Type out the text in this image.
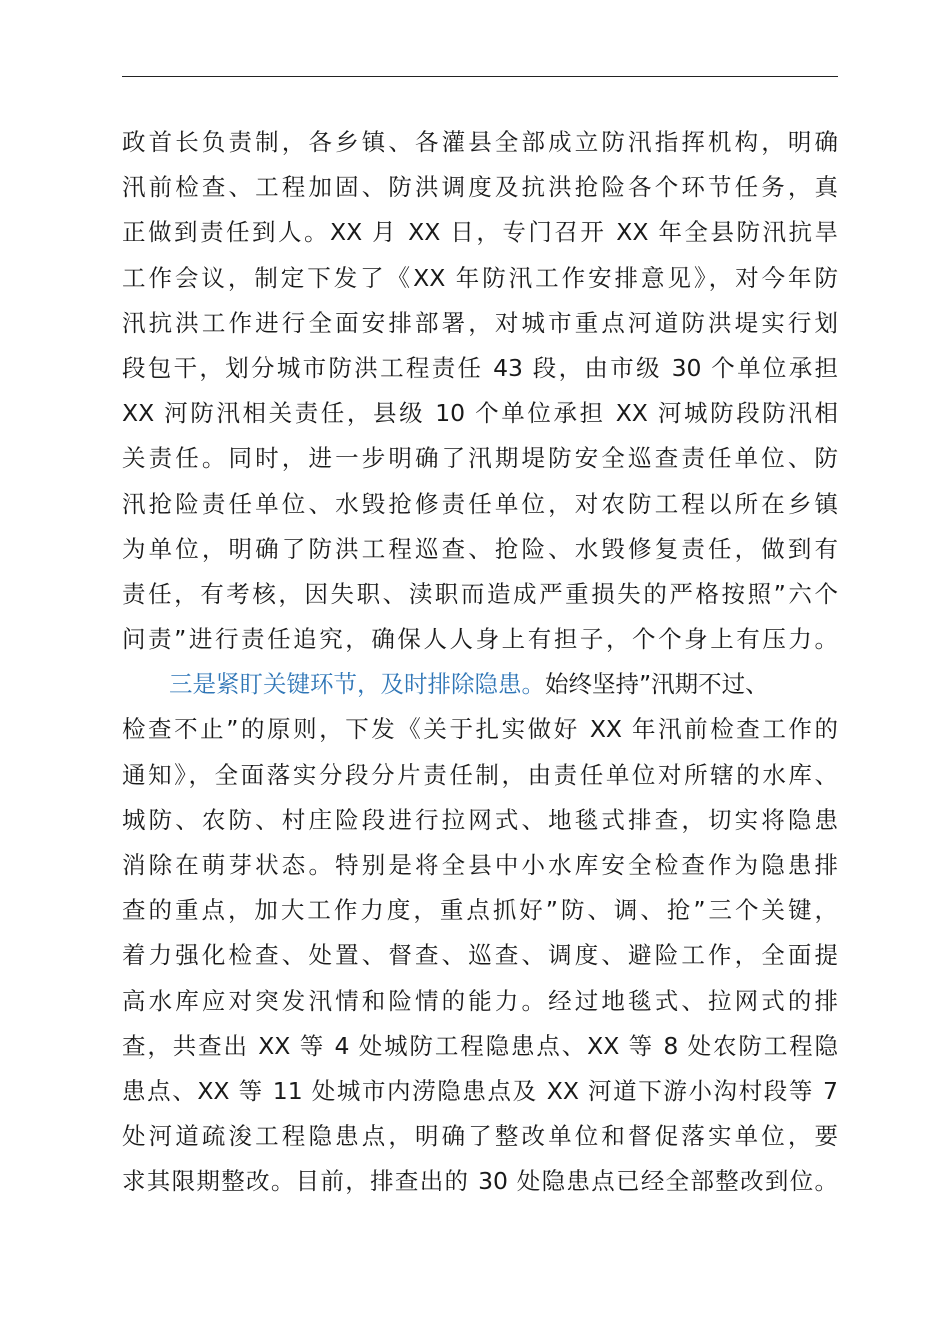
政首长负责制，各乡镇、各灌县全部成立防汛指挥机构，明确
汛前检查、工程加固、防洪调度及抗洪抢险各个环节任务，真
正做到责任到人。XX 月 XX 日，专门召开 XX 年全县防汛抗旱
工作会议，制定下发了《XX 年防汛工作安排意见》，对今年防
汛抗洪工作进行全面安排部署，对城市重点河道防洪堤实行划
段包干，划分城市防洪工程责任 43 段，由市级 30 个单位承担
XX 河防汛相关责任，县级 10 个单位承担 XX 河城防段防汛相
关责任。同时，进一步明确了汛期堤防安全巡查责任单位、防
汛抢险责任单位、水毁抢修责任单位，对农防工程以所在乡镇
为单位，明确了防洪工程巡查、抢险、水毁修复责任，做到有
责任，有考核，因失职、渎职而造成严重损失的严格按照”六个
问责”进行责任追究，确保人人身上有担子，个个身上有压力。
三是紧盯关键环节，及时排除隐患。始终坚持”汛期不过、
检查不止”的原则，下发《关于扎实做好 XX 年汛前检查工作的
通知》，全面落实分段分片责任制，由责任单位对所辖的水库、
城防、农防、村庄险段进行拉网式、地毯式排查，切实将隐患
消除在萌芽状态。特别是将全县中小水库安全检查作为隐患排
查的重点，加大工作力度，重点抓好”防、调、抢”三个关键，
着力强化检查、处置、督查、巡查、调度、避险工作，全面提
高水库应对突发汛情和险情的能力。经过地毯式、拉网式的排
查，共查出 XX 等 4 处城防工程隐患点、XX 等 8 处农防工程隐
患点、XX 等 11 处城市内涝隐患点及 XX 河道下游小沟村段等 7
处河道疏浚工程隐患点，明确了整改单位和督促落实单位，要
求其限期整改。目前，排查出的 30 处隐患点已经全部整改到位。
